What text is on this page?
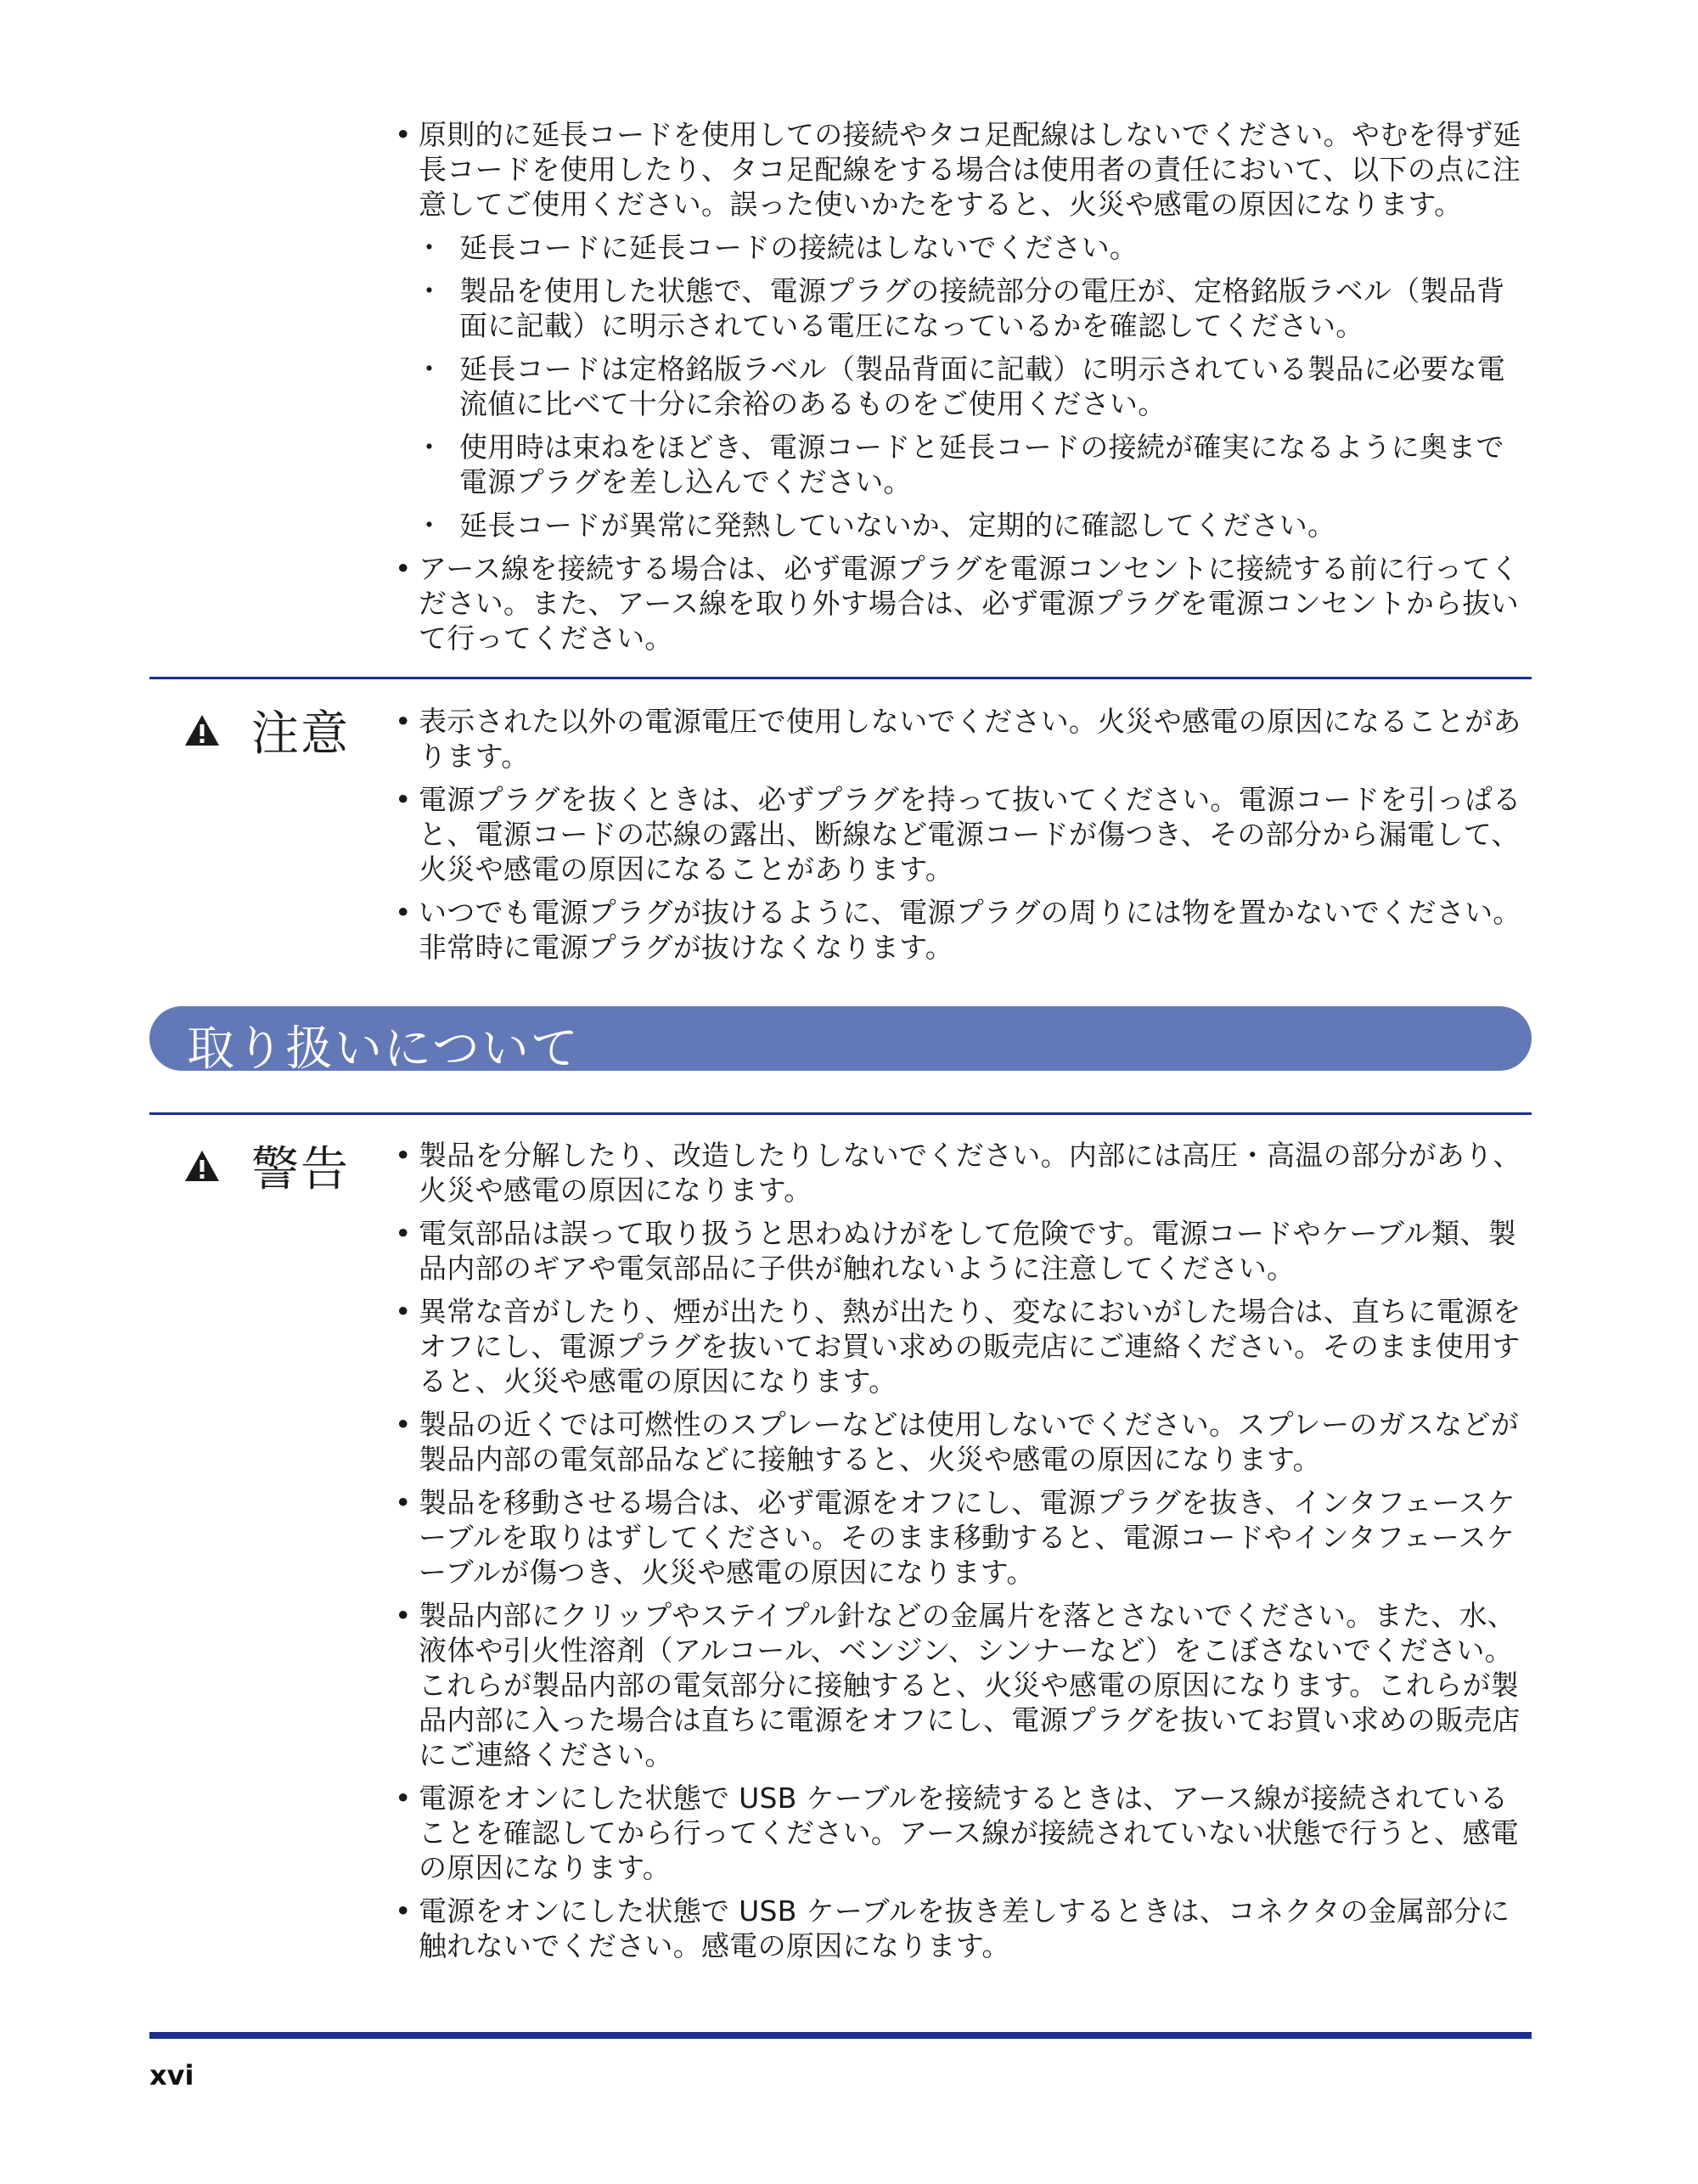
• 原則的に延長コードを使用しての接続やタコ足配線はしないでください。やむを得ず延長コードを使用したり、タコ足配線をする場合は使用者の責任において、以下の点に注意してご使用ください。誤った使いかたをすると、火災や感電の原因になります。
・ 延長コードに延長コードの接続はしないでください。
・ 製品を使用した状態で、電源プラグの接続部分の電圧が、定格銘版ラベル（製品背面に記載）に明示されている電圧になっているかを確認してください。
・ 延長コードは定格銘版ラベル（製品背面に記載）に明示されている製品に必要な電流値に比べて十分に余裕のあるものをご使用ください。
・ 使用時は束ねをほどき、電源コードと延長コードの接続が確実になるように奥まで電源プラグを差し込んでください。
・ 延長コードが異常に発熱していないか、定期的に確認してください。
• アース線を接続する場合は、必ず電源プラグを電源コンセントに接続する前に行ってください。また、アース線を取り外す場合は、必ず電源プラグを電源コンセントから抜いて行ってください。
注意	• 表示された以外の電源電圧で使用しないでください。火災や感電の原因になることがあります。
• 電源プラグを抜くときは、必ずプラグを持って抜いてください。電源コードを引っぱると、電源コードの芯線の露出、断線など電源コードが傷つき、その部分から漏電して、火災や感電の原因になることがあります。
• いつでも電源プラグが抜けるように、電源プラグの周りには物を置かないでください。非常時に電源プラグが抜けなくなります。
取り扱いについて
警告	• 製品を分解したり、改造したりしないでください。内部には高圧・高温の部分があり、火災や感電の原因になります。
• 電気部品は誤って取り扱うと思わぬけがをして危険です。電源コードやケーブル類、製品内部のギアや電気部品に子供が触れないように注意してください。
• 異常な音がしたり、煙が出たり、熱が出たり、変なにおいがした場合は、直ちに電源をオフにし、電源プラグを抜いてお買い求めの販売店にご連絡ください。そのまま使用すると、火災や感電の原因になります。
• 製品の近くでは可燃性のスプレーなどは使用しないでください。スプレーのガスなどが製品内部の電気部品などに接触すると、火災や感電の原因になります。
• 製品を移動させる場合は、必ず電源をオフにし、電源プラグを抜き、インタフェースケーブルを取りはずしてください。そのまま移動すると、電源コードやインタフェースケーブルが傷つき、火災や感電の原因になります。
• 製品内部にクリップやステイプル針などの金属片を落とさないでください。また、水、液体や引火性溶剤（アルコール、ベンジン、シンナーなど）をこぼさないでください。これらが製品内部の電気部分に接触すると、火災や感電の原因になります。これらが製品内部に入った場合は直ちに電源をオフにし、電源プラグを抜いてお買い求めの販売店にご連絡ください。
• 電源をオンにした状態で USB ケーブルを接続するときは、アース線が接続されていることを確認してから行ってください。アース線が接続されていない状態で行うと、感電の原因になります。
• 電源をオンにした状態で USB ケーブルを抜き差しするときは、コネクタの金属部分に触れないでください。感電の原因になります。
xvi
